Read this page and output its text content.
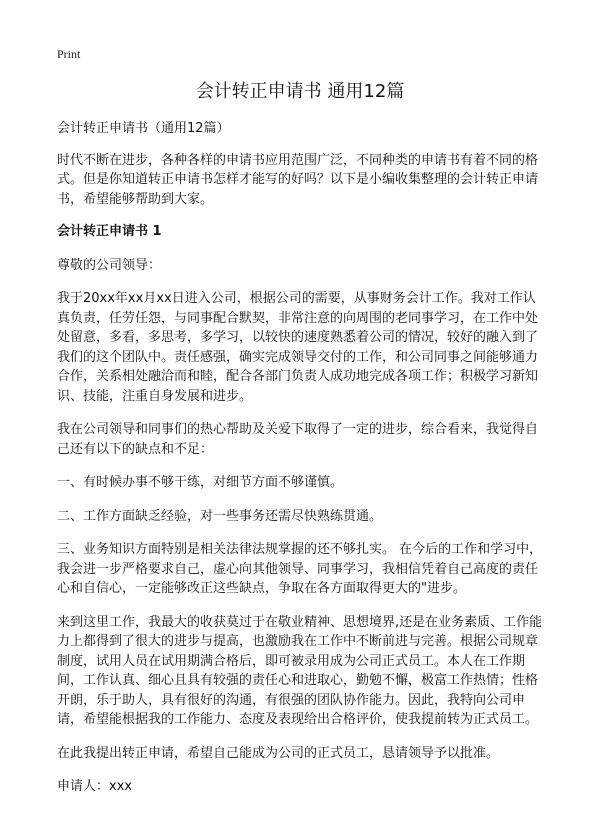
Print
会计转正申请书 通用12篇

会计转正申请书（通用12篇）

时代不断在进步，各种各样的申请书应用范围广泛，不同种类的申请书有着不同的格式。但是你知道转正申请书怎样才能写的好吗？以下是小编收集整理的会计转正申请书，希望能够帮助到大家。

会计转正申请书 1

尊敬的公司领导：

我于20xx年xx月xx日进入公司，根据公司的需要，从事财务会计工作。我对工作认真负责，任劳任怨，与同事配合默契，非常注意的向周围的老同事学习，在工作中处处留意，多看，多思考，多学习，以较快的速度熟悉着公司的情况，较好的融入到了我们的这个团队中。责任感强，确实完成领导交付的工作，和公司同事之间能够通力合作，关系相处融洽而和睦，配合各部门负责人成功地完成各项工作；积极学习新知识、技能，注重自身发展和进步。

我在公司领导和同事们的热心帮助及关爱下取得了一定的进步，综合看来，我觉得自己还有以下的缺点和不足：

一、有时候办事不够干练，对细节方面不够谨慎。

二、工作方面缺乏经验，对一些事务还需尽快熟练贯通。

三、业务知识方面特别是相关法律法规掌握的还不够扎实。 在今后的工作和学习中，我会进一步严格要求自己，虚心向其他领导、同事学习，我相信凭着自己高度的责任心和自信心，一定能够改正这些缺点，争取在各方面取得更大的"进步。

来到这里工作，我最大的收获莫过于在敬业精神、思想境界,还是在业务素质、工作能力上都得到了很大的进步与提高，也激励我在工作中不断前进与完善。根据公司规章制度，试用人员在试用期满合格后，即可被录用成为公司正式员工。本人在工作期间，工作认真、细心且具有较强的责任心和进取心，勤勉不懈，极富工作热情；性格开朗，乐于助人，具有很好的沟通，有很强的团队协作能力。因此，我特向公司申请，希望能根据我的工作能力、态度及表现给出合格评价，使我提前转为正式员工。

在此我提出转正申请，希望自己能成为公司的正式员工，恳请领导予以批准。

申请人：xxx
